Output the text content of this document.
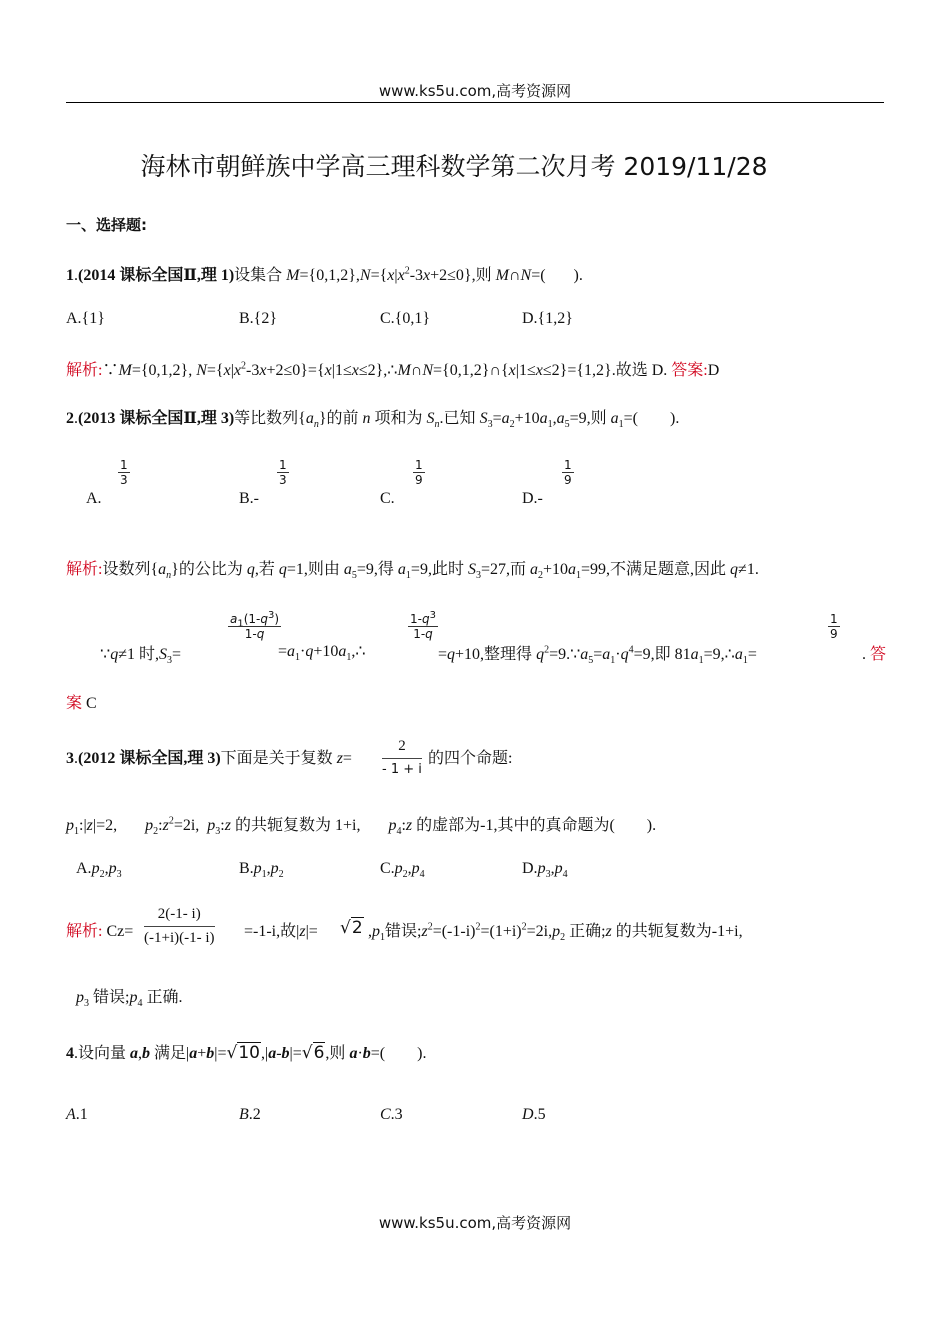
www.ks5u.com,高考资源网
海林市朝鲜族中学高三理科数学第二次月考 2019/11/28
一、选择题:
1.(2014 课标全国Ⅱ,理 1)设集合 $M=\{0,1,2\},N=\{x|x^2-3x+2\le 0\}$,则 M∩N=(       ).
A.{1}	B.{2}	C.{0,1}	D.{1,2}
解析:∵M={0,1,2}, $N=\{x|x^2-3x+2\le 0\}=\{x|1\le x\le 2\},\therefore M\cap N=\{0,1,2\}\cap\{x|1\le x\le 2\}=\{1,2\}$.故选 D. 答案:D
2.(2013 课标全国Ⅱ,理 3)等比数列$\{a_n\}$的前 n 项和为 $S_n$.已知 $S_3=a_2+10a_1,a_5=9$,则 $a_1=$(        ).
1
3
1
3
1
9
1
9
A.	B.-	C.	D.-
解析:设数列$\{a_n\}$的公比为 q,若 q=1,则由 $a_5=9$,得 $a_1=9$,此时 $S_3=27$,而 $a_2+10a_1=99$,不满足题意,因此 q≠1.
$a_1(1-q^3)$
1-q
$1-q^3$
1-q
1
9
∵q≠1 时$,S_3=$	$=a_1\cdot q+10a_1,\therefore$	=q+10,整理得 $q^2=9.\because a_5=a_1\cdot q^4=9$,即 $81a_1=9,\therefore a_1=$	. 答
案 C
3.(2012 课标全国,理 3)下面是关于复数 z=
2
- 1 + i
的四个命题:
$p_1:|z|=2$,       $p_2:z^2=2i$,  $p_3:z$ 的共轭复数为 1+i,       $p_4:z$ 的虚部为-1,其中的真命题为(        ).
$A.p_2,p_3$	$B.p_1,p_2$	$C.p_2,p_4$	$D.p_3,p_4$
解析: Cz=
2(-1- i)
(-1+i)(-1- i) =-1-i,故|z|= √2 $,p_1$错误$;z^2=(-1-i)^2=(1+i)^2=2i,p_2$ 正确;z 的共轭复数为-1+i,
$p_3$ 错误$;p_4$ 正确.
4.设向量 a,b 满足|a+b|=√10,|a-b|=√6,则 a·b=(        ).
A.1	B.2	C.3	D.5
www.ks5u.com,高考资源网
